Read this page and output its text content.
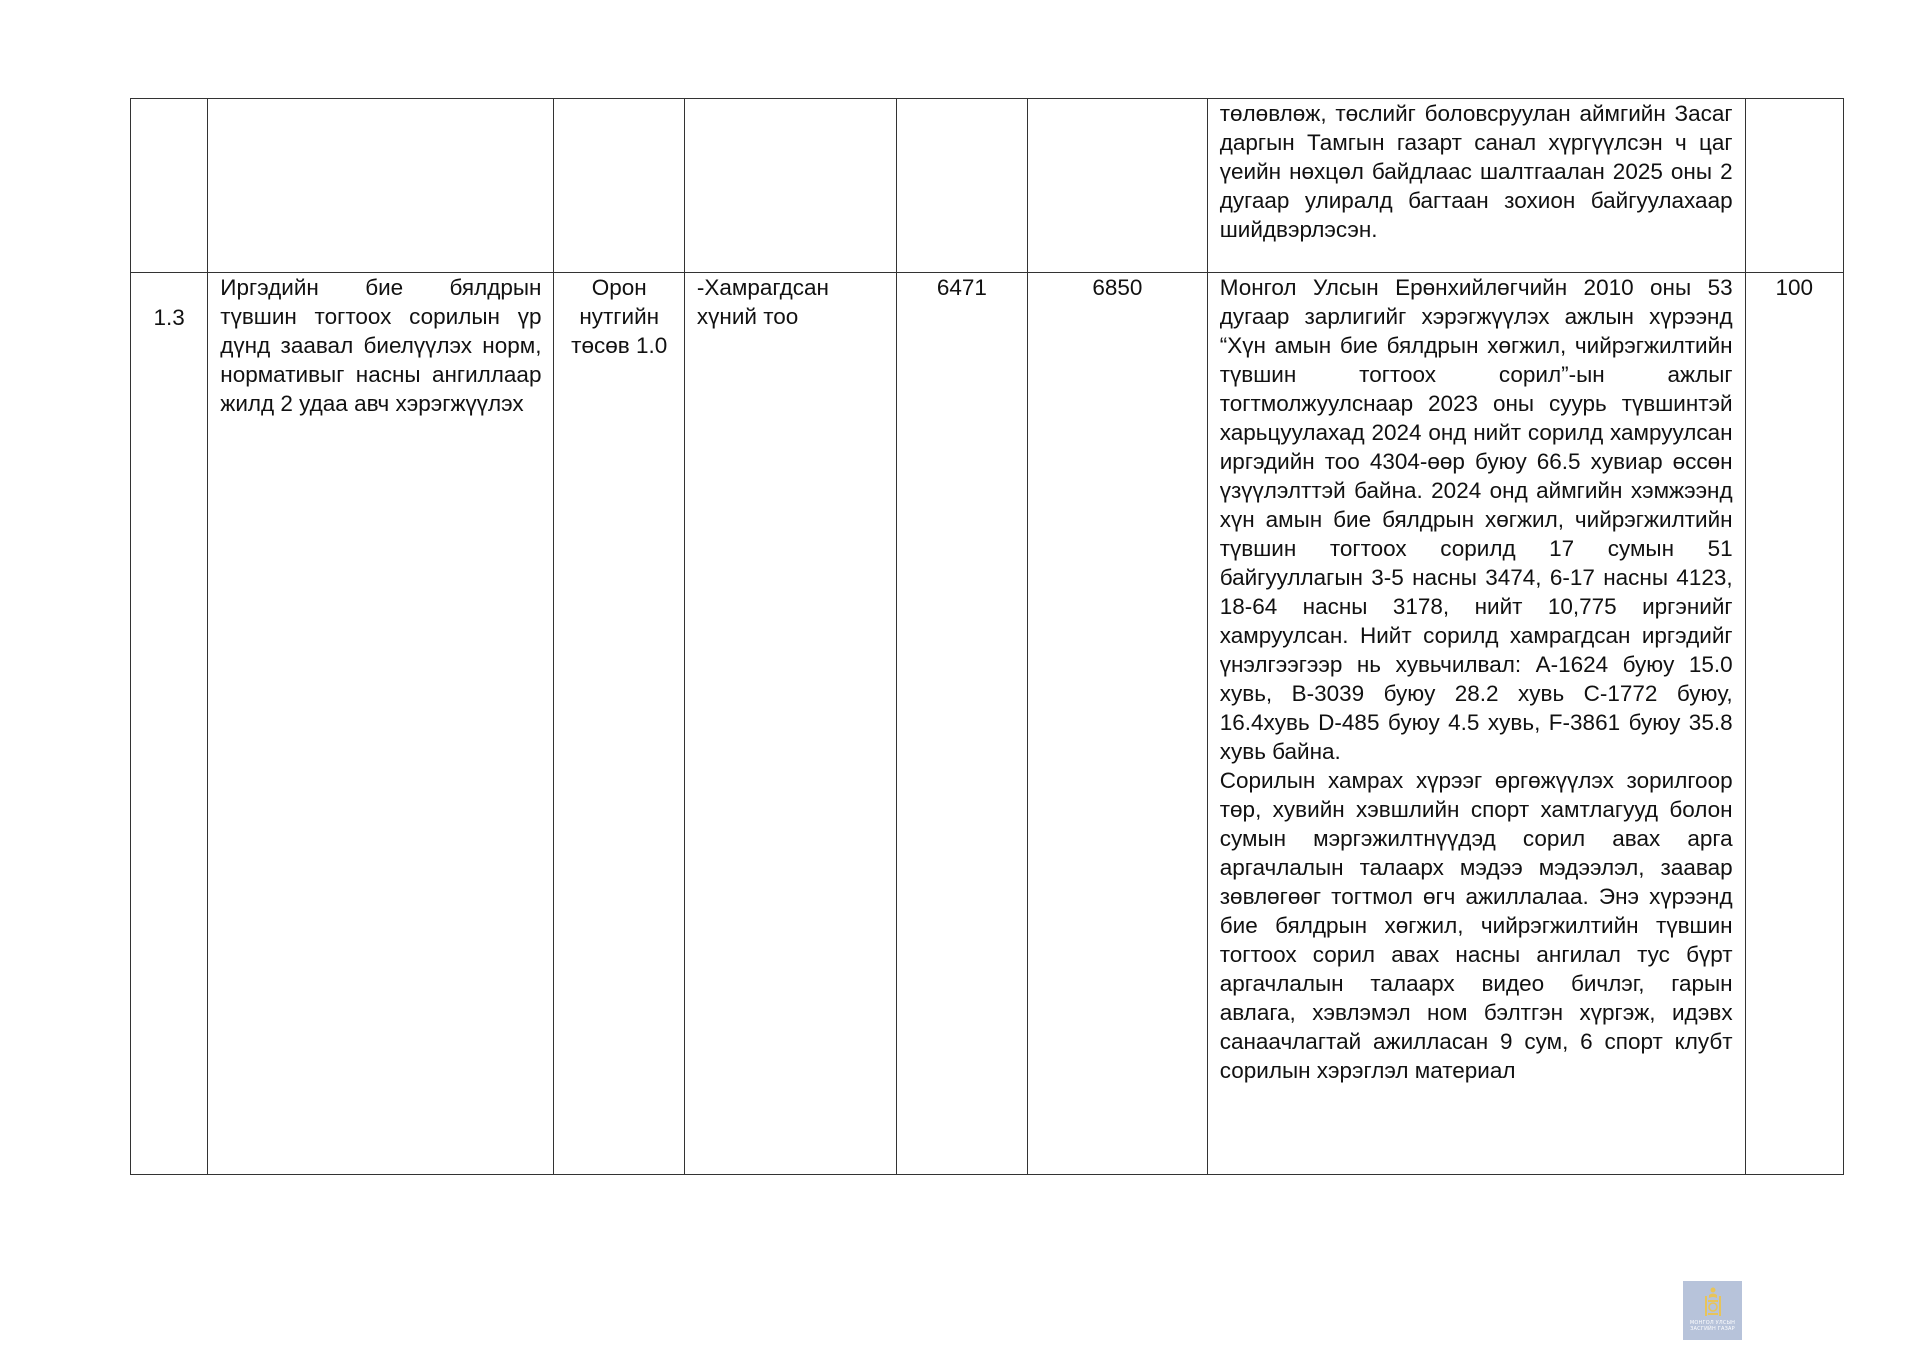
						төлөвлөж, төслийг боловсруулан аймгийн Засаг даргын Тамгын газарт санал хүргүүлсэн ч цаг үеийн нөхцөл байдлаас шалтгаалан 2025 оны 2 дугаар улиралд багтаан зохион байгуулахаар шийдвэрлэсэн.	

1.3	Иргэдийн бие бялдрын түвшин тогтоох сорилын үр дүнд заавал биелүүлэх норм, нормативыг насны ангиллаар жилд 2 удаа авч хэрэгжүүлэх	Орон нутгийн төсөв 1.0	-Хамрагдсан хүний тоо	6471	6850	Монгол Улсын Ерөнхийлөгчийн 2010 оны 53 дугаар зарлигийг хэрэгжүүлэх ажлын хүрээнд “Хүн амын бие бялдрын хөгжил, чийрэгжилтийн түвшин тогтоох сорил”-ын ажлыг тогтмолжуулснаар 2023 оны суурь түвшинтэй харьцуулахад 2024 онд нийт сорилд хамруулсан иргэдийн тоо 4304-өөр буюу 66.5 хувиар өссөн үзүүлэлттэй байна. 2024 онд аймгийн хэмжээнд хүн амын бие бялдрын хөгжил, чийрэгжилтийн түвшин тогтоох сорилд 17 сумын 51 байгууллагын 3-5 насны 3474, 6-17 насны 4123, 18-64 насны 3178, нийт 10,775 иргэнийг хамруулсан. Нийт сорилд хамрагдсан иргэдийг үнэлгээгээр нь хувьчилвал: А-1624 буюу 15.0 хувь, В-3039 буюу 28.2 хувь С-1772 буюу, 16.4хувь D-485 буюу 4.5 хувь, F-3861 буюу 35.8 хувь байна.

Сорилын хамрах хүрээг өргөжүүлэх зорилгоор төр, хувийн хэвшлийн спорт хамтлагууд болон сумын мэргэжилтнүүдэд сорил авах арга аргачлалын талаарх мэдээ мэдээлэл, заавар зөвлөгөөг тогтмол өгч ажиллалаа. Энэ хүрээнд бие бялдрын хөгжил, чийрэгжилтийн түвшин тогтоох сорил авах насны ангилал тус бүрт аргачлалын талаарх видео бичлэг, гарын авлага, хэвлэмэл ном бэлтгэн хүргэж, идэвх санаачлагтай ажилласан 9 сум, 6 спорт клубт сорилын хэрэглэл материал	100
МОНГОЛ УЛСЫН
ЗАСГИЙН ГАЗАР
